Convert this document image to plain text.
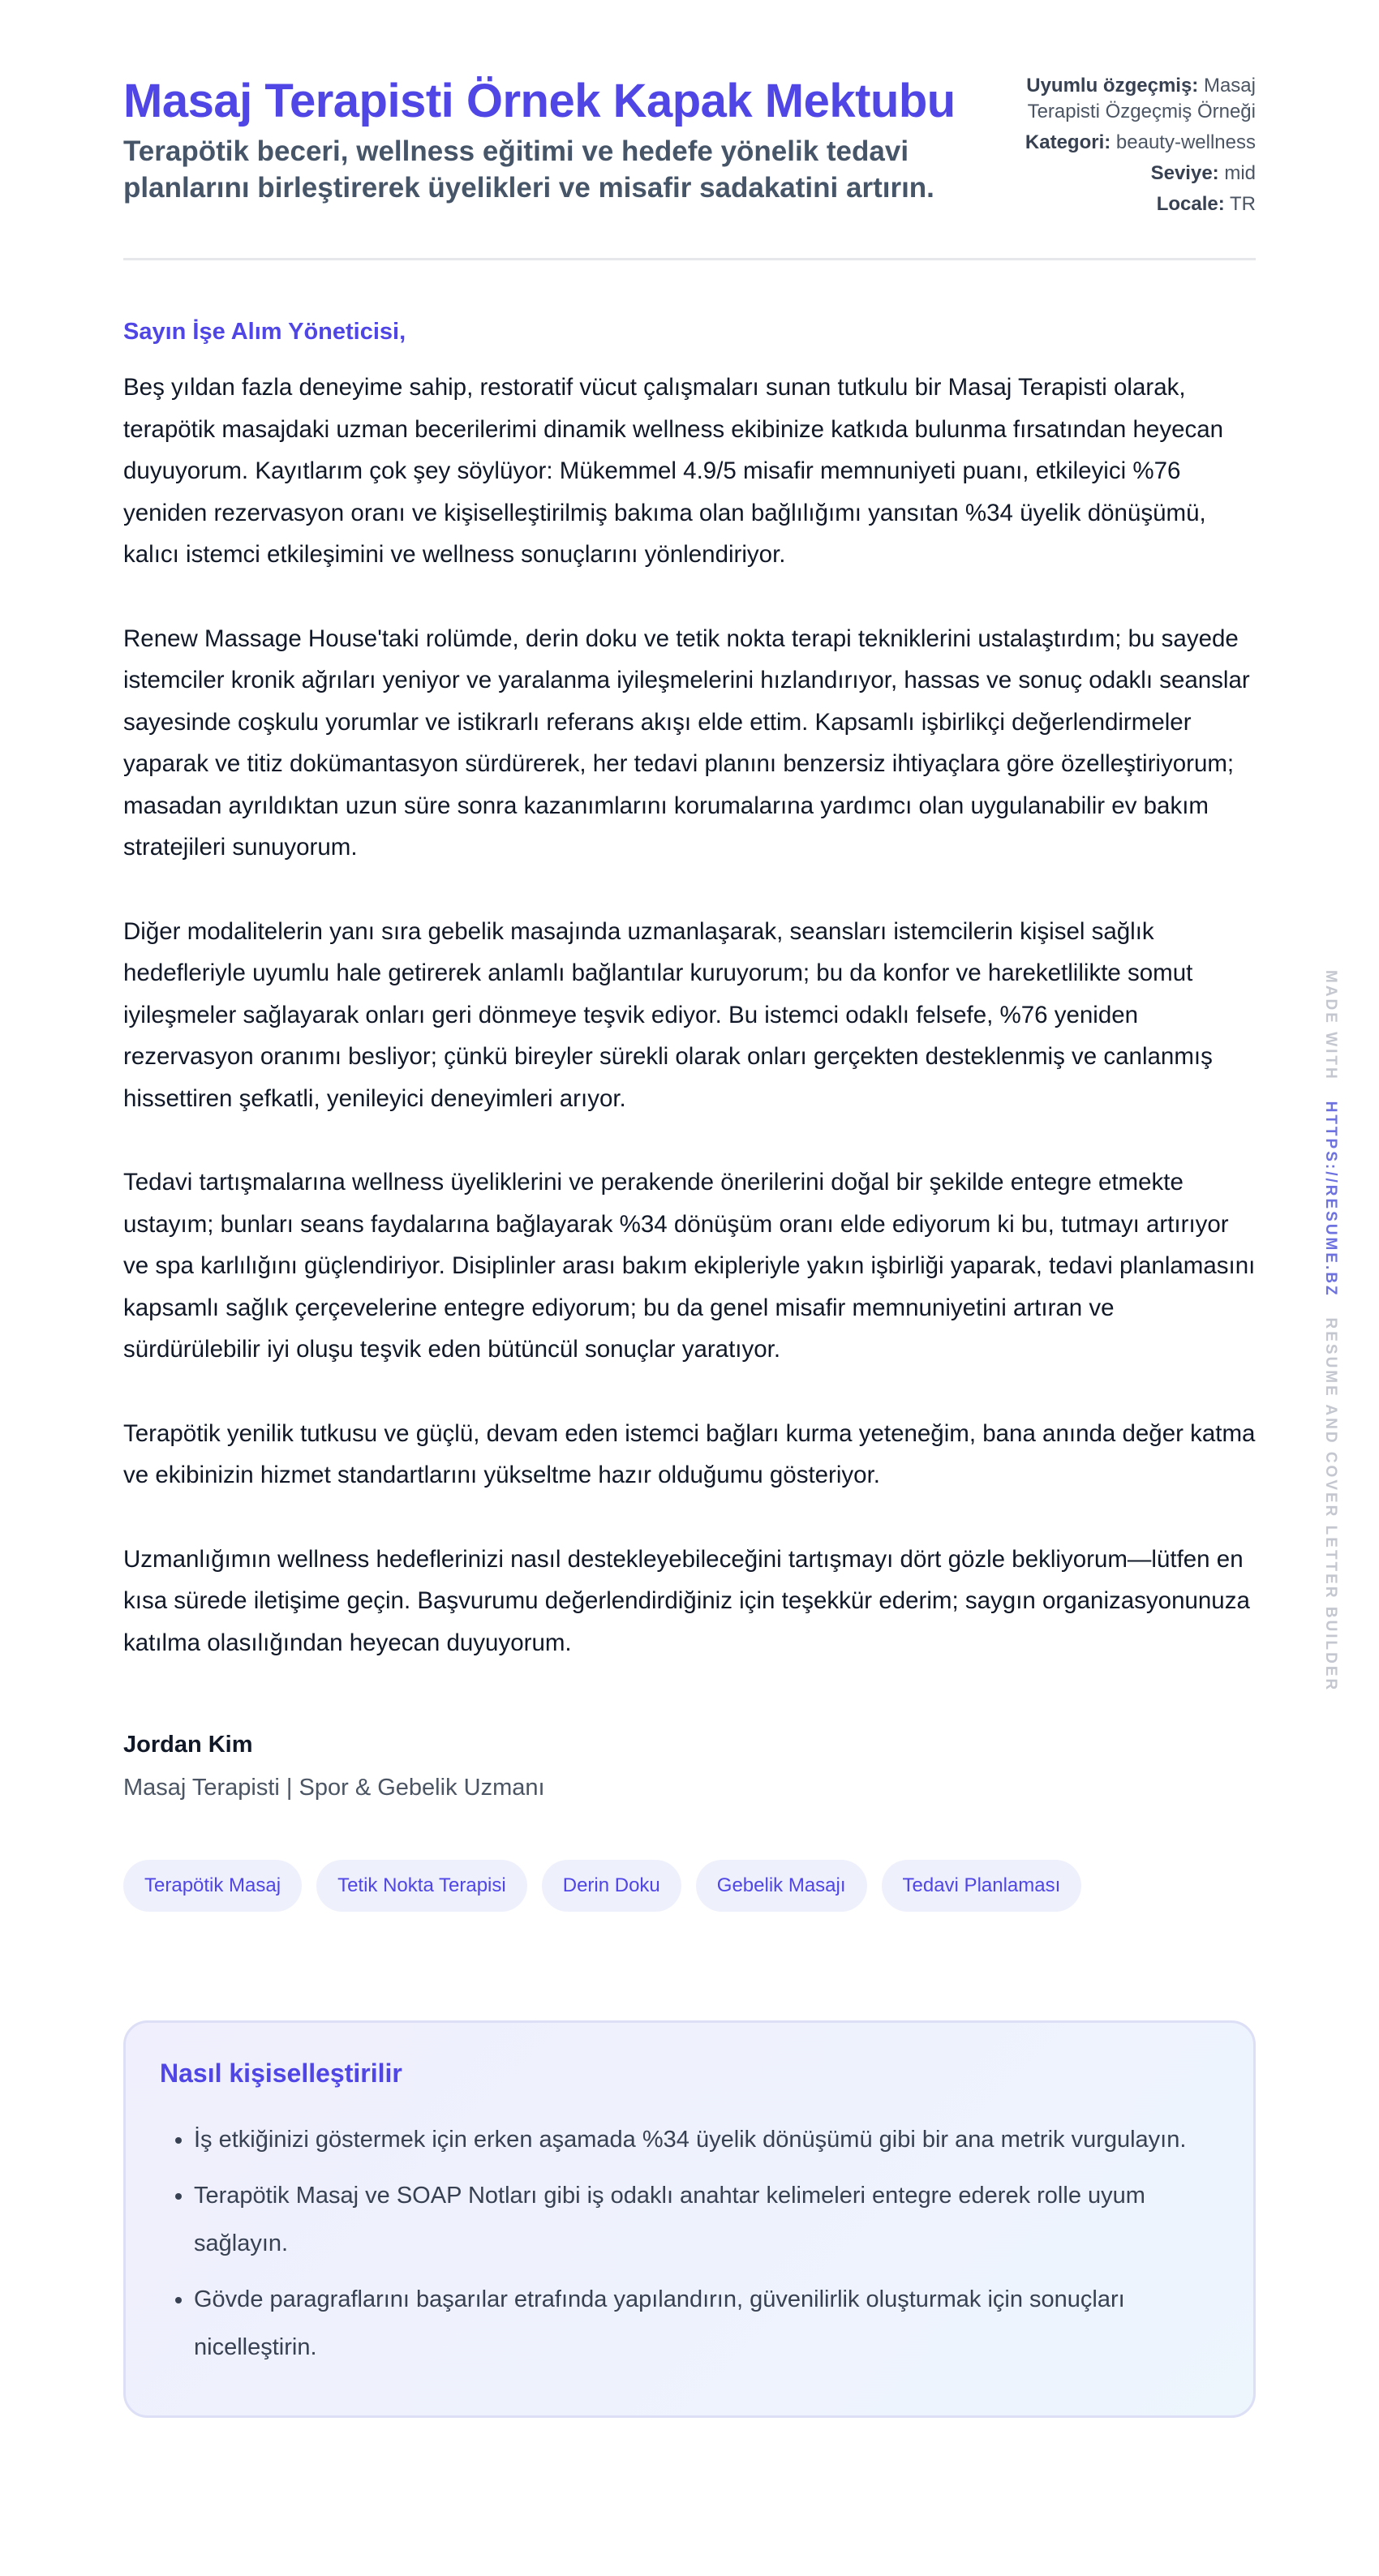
Masaj Terapisti Örnek Kapak Mektubu
Terapötik beceri, wellness eğitimi ve hedefe yönelik tedavi planlarını birleştirerek üyelikleri ve misafir sadakatini artırın.
Uyumlu özgeçmiş: Masaj Terapisti Özgeçmiş Örneği
Kategori: beauty-wellness
Seviye: mid
Locale: TR
Sayın İşe Alım Yöneticisi,

Beş yıldan fazla deneyime sahip, restoratif vücut çalışmaları sunan tutkulu bir Masaj Terapisti olarak, terapötik masajdaki uzman becerilerimi dinamik wellness ekibinize katkıda bulunma fırsatından heyecan duyuyorum. Kayıtlarım çok şey söylüyor: Mükemmel 4.9/5 misafir memnuniyeti puanı, etkileyici %76 yeniden rezervasyon oranı ve kişiselleştirilmiş bakıma olan bağlılığımı yansıtan %34 üyelik dönüşümü, kalıcı istemci etkileşimini ve wellness sonuçlarını yönlendiriyor.

Renew Massage House'taki rolümde, derin doku ve tetik nokta terapi tekniklerini ustalaştırdım; bu sayede istemciler kronik ağrıları yeniyor ve yaralanma iyileşmelerini hızlandırıyor, hassas ve sonuç odaklı seanslar sayesinde coşkulu yorumlar ve istikrarlı referans akışı elde ettim. Kapsamlı işbirlikçi değerlendirmeler yaparak ve titiz dokümantasyon sürdürerek, her tedavi planını benzersiz ihtiyaçlara göre özelleştiriyorum; masadan ayrıldıktan uzun süre sonra kazanımlarını korumalarına yardımcı olan uygulanabilir ev bakım stratejileri sunuyorum.

Diğer modalitelerin yanı sıra gebelik masajında uzmanlaşarak, seansları istemcilerin kişisel sağlık hedefleriyle uyumlu hale getirerek anlamlı bağlantılar kuruyorum; bu da konfor ve hareketlilikte somut iyileşmeler sağlayarak onları geri dönmeye teşvik ediyor. Bu istemci odaklı felsefe, %76 yeniden rezervasyon oranımı besliyor; çünkü bireyler sürekli olarak onları gerçekten desteklenmiş ve canlanmış hissettiren şefkatli, yenileyici deneyimleri arıyor.

Tedavi tartışmalarına wellness üyeliklerini ve perakende önerilerini doğal bir şekilde entegre etmekte ustayım; bunları seans faydalarına bağlayarak %34 dönüşüm oranı elde ediyorum ki bu, tutmayı artırıyor ve spa karlılığını güçlendiriyor. Disiplinler arası bakım ekipleriyle yakın işbirliği yaparak, tedavi planlamasını kapsamlı sağlık çerçevelerine entegre ediyorum; bu da genel misafir memnuniyetini artıran ve sürdürülebilir iyi oluşu teşvik eden bütüncül sonuçlar yaratıyor.

Terapötik yenilik tutkusu ve güçlü, devam eden istemci bağları kurma yeteneğim, bana anında değer katma ve ekibinizin hizmet standartlarını yükseltme hazır olduğumu gösteriyor.

Uzmanlığımın wellness hedeflerinizi nasıl destekleyebileceğini tartışmayı dört gözle bekliyorum—lütfen en kısa sürede iletişime geçin. Başvurumu değerlendirdiğiniz için teşekkür ederim; saygın organizasyonunuza katılma olasılığından heyecan duyuyorum.

Jordan Kim
Masaj Terapisti | Spor & Gebelik Uzmanı
Terapötik Masaj	Tetik Nokta Terapisi	Derin Doku	Gebelik Masajı	Tedavi Planlaması
Nasıl kişiselleştirilir
• İş etkiğinizi göstermek için erken aşamada %34 üyelik dönüşümü gibi bir ana metrik vurgulayın.
• Terapötik Masaj ve SOAP Notları gibi iş odaklı anahtar kelimeleri entegre ederek rolle uyum sağlayın.
• Gövde paragraflarını başarılar etrafında yapılandırın, güvenilirlik oluşturmak için sonuçları nicelleştirin.
MADE WITH   HTTPS://RESUME.BZ   RESUME AND COVER LETTER BUILDER
